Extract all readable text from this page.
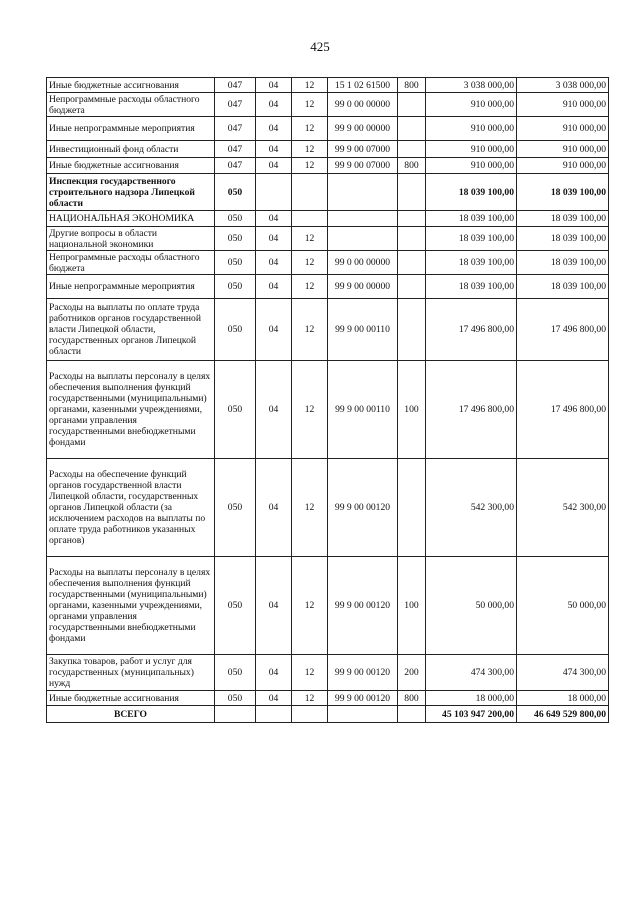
425
Иные бюджетные ассигнования	047	04	12	15 1 02 61500	800	3 038 000,00	3 038 000,00
Непрограммные расходы областного бюджета	047	04	12	99 0 00 00000		910 000,00	910 000,00
Иные непрограммные мероприятия	047	04	12	99 9 00 00000		910 000,00	910 000,00
Инвестиционный фонд области	047	04	12	99 9 00 07000		910 000,00	910 000,00
Иные бюджетные ассигнования	047	04	12	99 9 00 07000	800	910 000,00	910 000,00
Инспекция государственного строительного надзора Липецкой области	050					18 039 100,00	18 039 100,00
НАЦИОНАЛЬНАЯ ЭКОНОМИКА	050	04				18 039 100,00	18 039 100,00
Другие вопросы в области национальной экономики	050	04	12			18 039 100,00	18 039 100,00
Непрограммные расходы областного бюджета	050	04	12	99 0 00 00000		18 039 100,00	18 039 100,00
Иные непрограммные мероприятия	050	04	12	99 9 00 00000		18 039 100,00	18 039 100,00
Расходы на выплаты по оплате труда работников органов государственной власти Липецкой области, государственных органов Липецкой области	050	04	12	99 9 00 00110		17 496 800,00	17 496 800,00
Расходы на выплаты персоналу в целях обеспечения выполнения функций государственными (муниципальными) органами, казенными учреждениями, органами управления государственными внебюджетными фондами	050	04	12	99 9 00 00110	100	17 496 800,00	17 496 800,00
Расходы на обеспечение функций органов государственной власти Липецкой области, государственных органов Липецкой области (за исключением расходов на выплаты по оплате труда работников указанных органов)	050	04	12	99 9 00 00120		542 300,00	542 300,00
Расходы на выплаты персоналу в целях обеспечения выполнения функций государственными (муниципальными) органами, казенными учреждениями, органами управления государственными внебюджетными фондами	050	04	12	99 9 00 00120	100	50 000,00	50 000,00
Закупка товаров, работ и услуг для государственных (муниципальных) нужд	050	04	12	99 9 00 00120	200	474 300,00	474 300,00
Иные бюджетные ассигнования	050	04	12	99 9 00 00120	800	18 000,00	18 000,00
ВСЕГО						45 103 947 200,00	46 649 529 800,00
